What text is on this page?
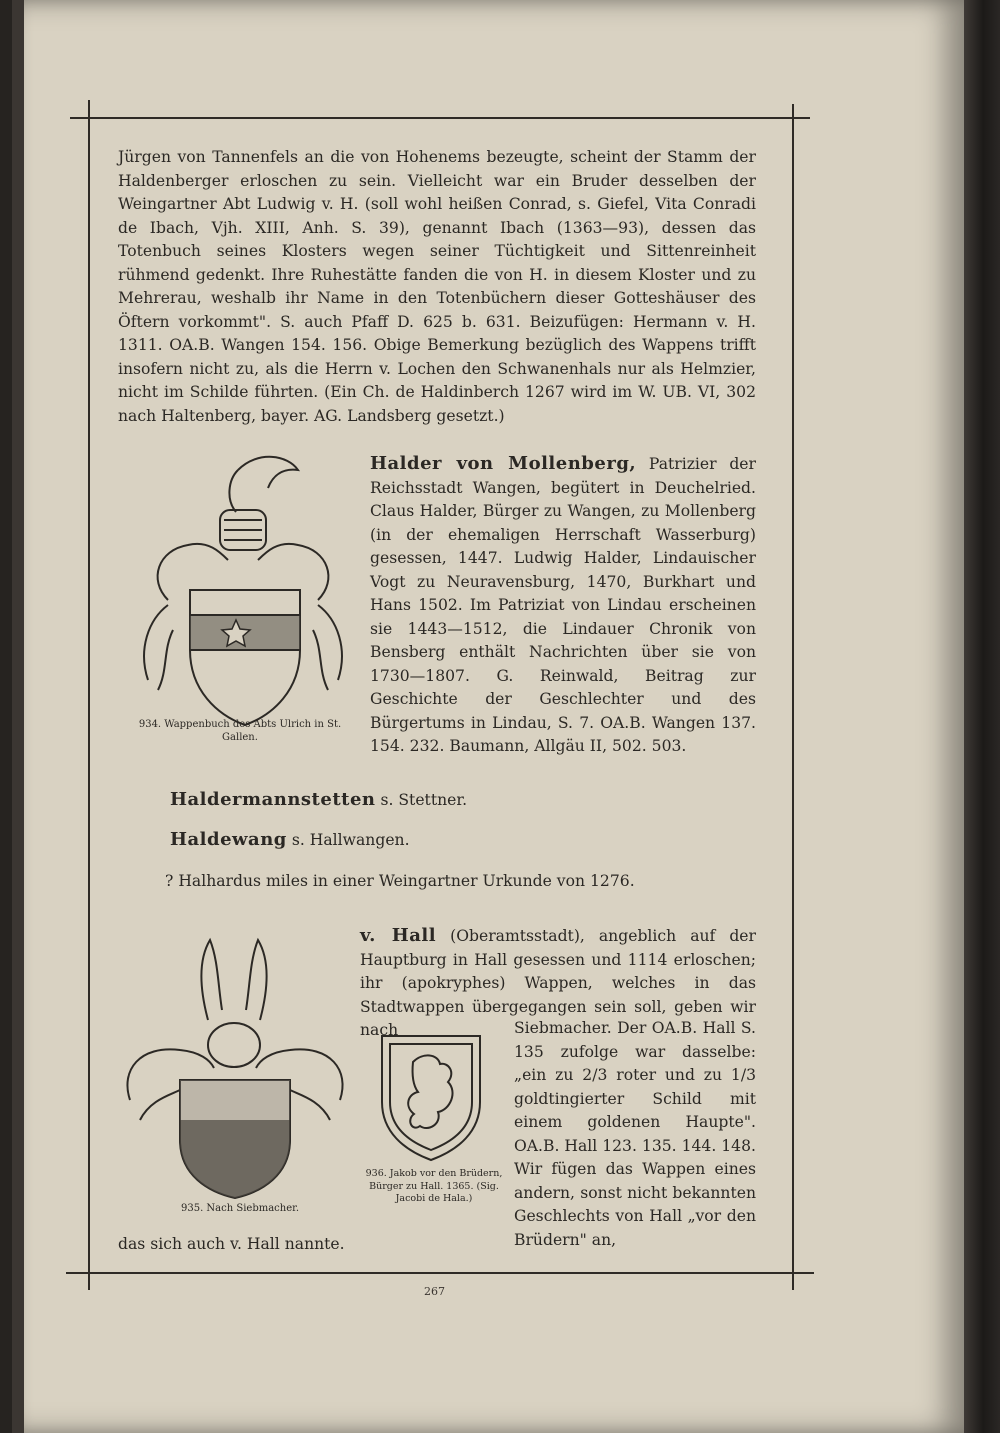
Jürgen von Tannenfels an die von Hohenems bezeugte, scheint der Stamm der Haldenberger erloschen zu sein. Vielleicht war ein Bruder desselben der Weingartner Abt Ludwig v. H. (soll wohl heißen Conrad, s. Giefel, Vita Conradi de Ibach, Vjh. XIII, Anh. S. 39), genannt Ibach (1363—93), dessen das Totenbuch seines Klosters wegen seiner Tüchtigkeit und Sittenreinheit rühmend gedenkt. Ihre Ruhestätte fanden die von H. in diesem Kloster und zu Mehrerau, weshalb ihr Name in den Totenbüchern dieser Gotteshäuser des Öftern vorkommt". S. auch Pfaff D. 625 b. 631. Beizufügen: Hermann v. H. 1311. OA.B. Wangen 154. 156. Obige Bemerkung bezüglich des Wappens trifft insofern nicht zu, als die Herrn v. Lochen den Schwanenhals nur als Helmzier, nicht im Schilde führten. (Ein Ch. de Haldinberch 1267 wird im W. UB. VI, 302 nach Haltenberg, bayer. AG. Landsberg gesetzt.)

934. Wappenbuch des Abts Ulrich in St. Gallen.

Halder von Mollenberg, Patrizier der Reichsstadt Wangen, begütert in Deuchelried. Claus Halder, Bürger zu Wangen, zu Mollenberg (in der ehemaligen Herrschaft Wasserburg) gesessen, 1447. Ludwig Halder, Lindauischer Vogt zu Neuravensburg, 1470, Burkhart und Hans 1502. Im Patriziat von Lindau erscheinen sie 1443—1512, die Lindauer Chronik von Bensberg enthält Nachrichten über sie von 1730—1807. G. Reinwald, Beitrag zur Geschichte der Geschlechter und des Bürgertums in Lindau, S. 7. OA.B. Wangen 137. 154. 232. Baumann, Allgäu II, 502. 503.

Haldermannstetten s. Stettner.
Haldewang s. Hallwangen.
? Halhardus miles in einer Weingartner Urkunde von 1276.
935. Nach Siebmacher.
936. Jakob vor den Brüdern, Bürger zu Hall. 1365. (Sig. Jacobi de Hala.)

v. Hall (Oberamtsstadt), angeblich auf der Hauptburg in Hall gesessen und 1114 erloschen; ihr (apokryphes) Wappen, welches in das Stadtwappen übergegangen sein soll, geben wir nach	Siebmacher. Der OA.B. Hall S. 135 zufolge war dasselbe: „ein zu 2/3 roter und zu 1/3 goldtingierter Schild mit einem goldenen Haupte". OA.B. Hall 123. 135. 144. 148. Wir fügen das Wappen eines andern, sonst nicht bekannten Geschlechts von Hall „vor den Brüdern" an,

das sich auch v. Hall nannte.
267
